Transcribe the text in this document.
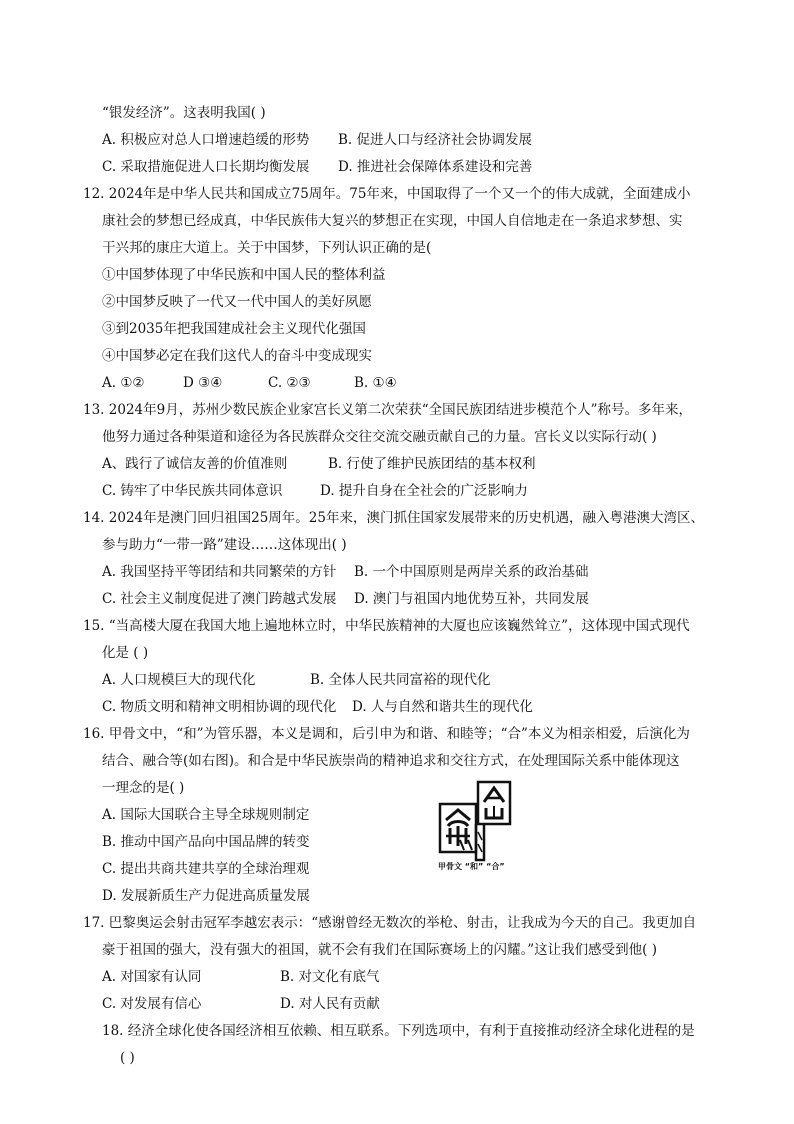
“银发经济”。这表明我国( )
A. 积极应对总人口增速趋缓的形势 B. 促进人口与经济社会协调发展
C. 采取措施促进人口长期均衡发展 D. 推进社会保障体系建设和完善
12. 2024年是中华人民共和国成立75周年。75年来，中国取得了一个又一个的伟大成就，全面建成小
康社会的梦想已经成真，中华民族伟大复兴的梦想正在实现，中国人自信地走在一条追求梦想、实
干兴邦的康庄大道上。关于中国梦，下列认识正确的是(
①中国梦体现了中华民族和中国人民的整体利益
②中国梦反映了一代又一代中国人的美好夙愿
③到2035年把我国建成社会主义现代化强国
④中国梦必定在我们这代人的奋斗中变成现实
A. ①②	D ③④	C. ②③	B. ①④
13. 2024年9月，苏州少数民族企业家宫长义第二次荣获“全国民族团结进步模范个人”称号。多年来，
他努力通过各种渠道和途径为各民族群众交往交流交融贡献自己的力量。宫长义以实际行动( )
A、践行了诚信友善的价值准则	B. 行使了维护民族团结的基本权利
C. 铸牢了中华民族共同体意识	D. 提升自身在全社会的广泛影响力
14. 2024年是澳门回归祖国25周年。25年来，澳门抓住国家发展带来的历史机遇，融入粤港澳大湾区、
参与助力“一带一路”建设……这体现出( )
A. 我国坚持平等团结和共同繁荣的方针 B. 一个中国原则是两岸关系的政治基础
C. 社会主义制度促进了澳门跨越式发展 D. 澳门与祖国内地优势互补，共同发展
15. “当高楼大厦在我国大地上遍地林立时，中华民族精神的大厦也应该巍然耸立”，这体现中国式现代
化是 ( )
A. 人口规模巨大的现代化	B. 全体人民共同富裕的现代化
C. 物质文明和精神文明相协调的现代化 D. 人与自然和谐共生的现代化
16. 甲骨文中，“和”为管乐器，本义是调和，后引申为和谐、和睦等；“合”本义为相亲相爱，后演化为
结合、融合等(如右图)。和合是中华民族崇尚的精神追求和交往方式，在处理国际关系中能体现这
一理念的是( )
A. 国际大国联合主导全球规则制定
B. 推动中国产品向中国品牌的转变
C. 提出共商共建共享的全球治理观
D. 发展新质生产力促进高质量发展
甲骨文 “和” “合”
17. 巴黎奥运会射击冠军李越宏表示：“感谢曾经无数次的举枪、射击，让我成为今天的自己。我更加自
豪于祖国的强大，没有强大的祖国，就不会有我们在国际赛场上的闪耀。”这让我们感受到他( )
A. 对国家有认同	B. 对文化有底气
C. 对发展有信心	D. 对人民有贡献
18. 经济全球化使各国经济相互依赖、相互联系。下列选项中，有利于直接推动经济全球化进程的是
( )
